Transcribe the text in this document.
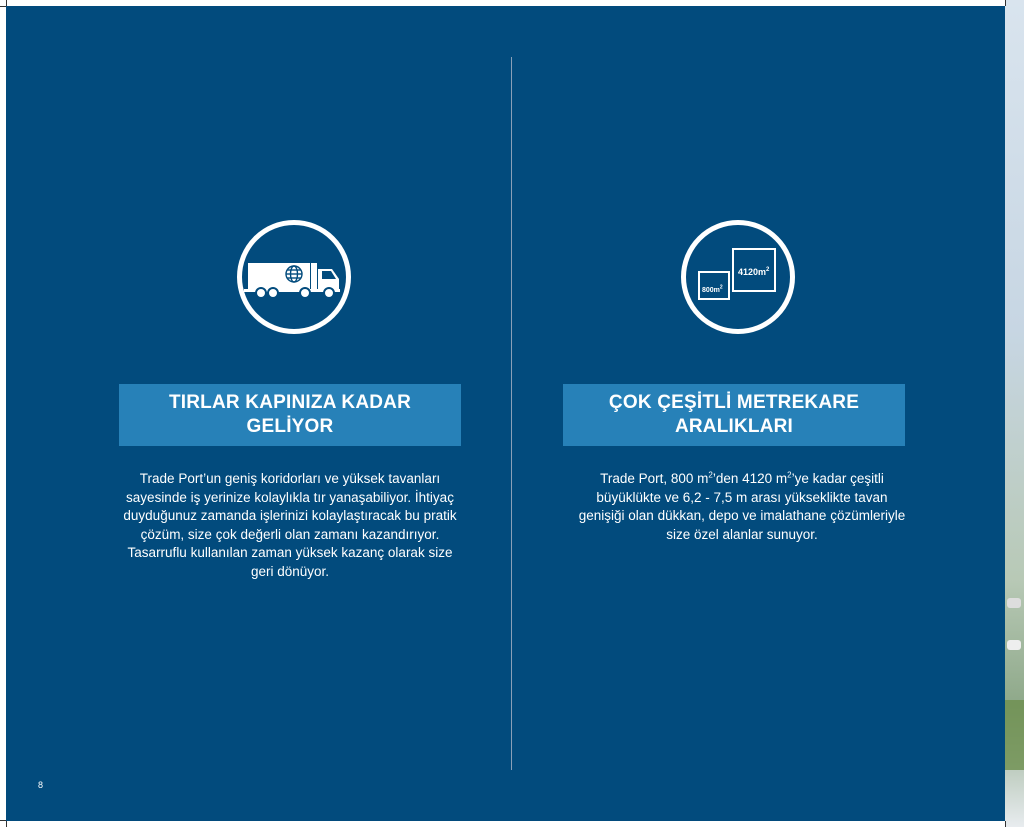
$800m^2$
$4120m^2$
TIRLAR KAPINIZA KADAR GELİYOR
ÇOK ÇEŞİTLİ METREKARE ARALIKLARI
Trade Port’un geniş koridorları ve yüksek tavanları sayesinde iş yerinize kolaylıkla tır yanaşabiliyor. İhtiyaç duyduğunuz zamanda işlerinizi kolaylaştıracak bu pratik çözüm, size çok değerli olan zamanı kazandırıyor. Tasarruflu kullanılan zaman yüksek kazanç olarak size geri dönüyor.
Trade Port, 800 $m^2’den$ 4120 $m^2’ye$ kadar çeşitli büyüklükte ve 6,2 - 7,5 m arası yükseklikte tavan genişiği olan dükkan, depo ve imalathane çözümleriyle size özel alanlar sunuyor.
8
